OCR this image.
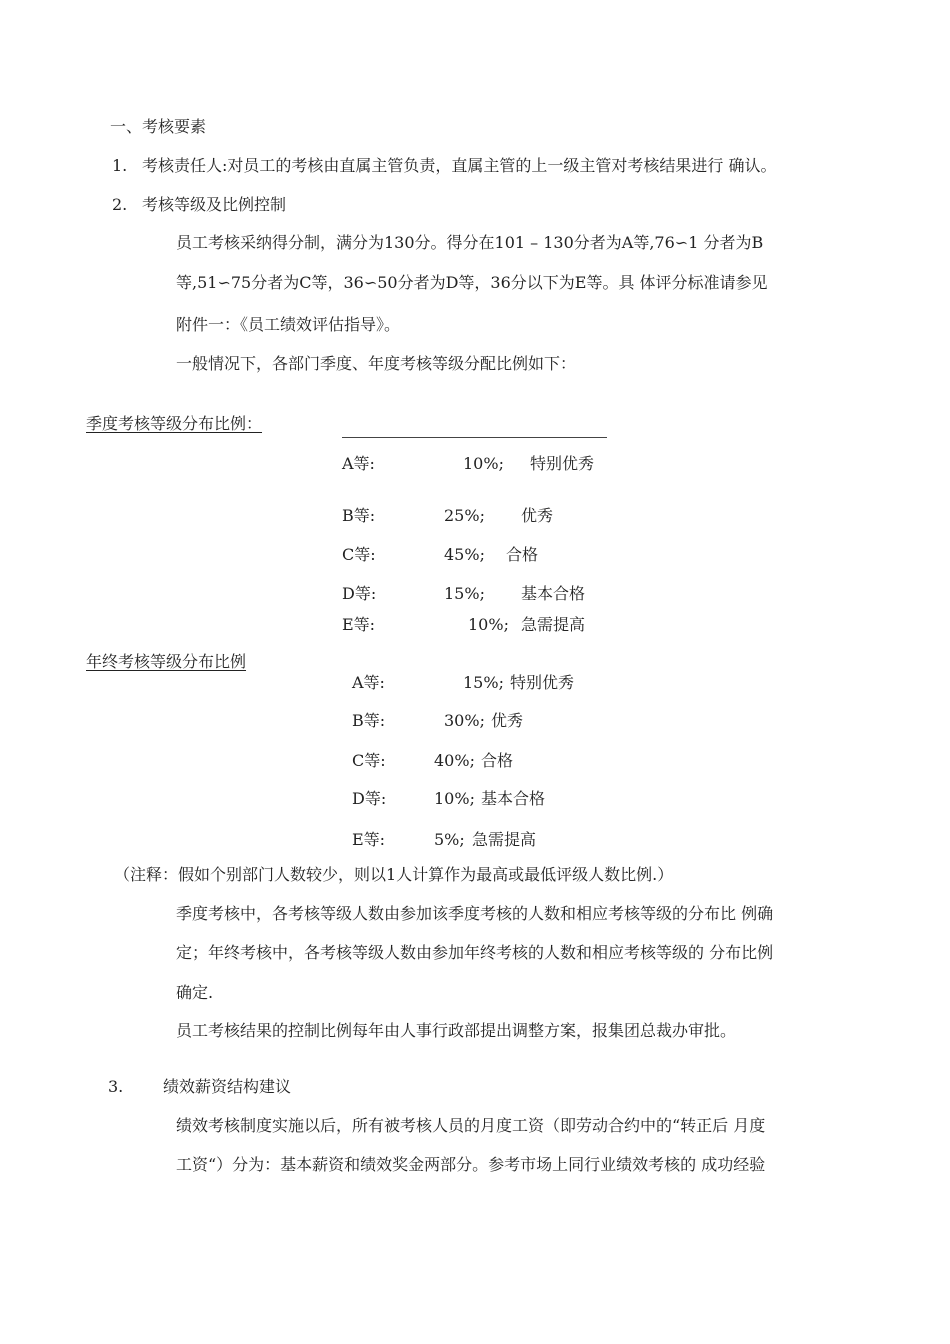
一、考核要素
1. 考核责任人:对员工的考核由直属主管负责，直属主管的上一级主管对考核结果进行 确认。
2. 考核等级及比例控制
员工考核采纳得分制，满分为130分。得分在101 – 130分者为A等,76∽1 分者为B
等,51∽75分者为C等，36∽50分者为D等，36分以下为E等。具 体评分标准请参见
附件一：《员工绩效评估指导》。
一般情况下，各部门季度、年度考核等级分配比例如下：
季度考核等级分布比例：
A等:	10%; 特别优秀
B等:	25%; 优秀
C等:	45%; 合格
D等:	15%; 基本合格
E等:	10%; 急需提高
年终考核等级分布比例
A等:	15%; 特别优秀
B等:	30%; 优秀
C等:	40%; 合格
D等:	10%; 基本合格
E等:	5%; 急需提高
（注释：假如个别部门人数较少，则以1人计算作为最高或最低评级人数比例.）
季度考核中，各考核等级人数由参加该季度考核的人数和相应考核等级的分布比 例确
定；年终考核中，各考核等级人数由参加年终考核的人数和相应考核等级的 分布比例
确定.
员工考核结果的控制比例每年由人事行政部提出调整方案，报集团总裁办审批。
3. 绩效薪资结构建议
绩效考核制度实施以后，所有被考核人员的月度工资（即劳动合约中的“转正后 月度
工资“）分为：基本薪资和绩效奖金两部分。参考市场上同行业绩效考核的 成功经验
